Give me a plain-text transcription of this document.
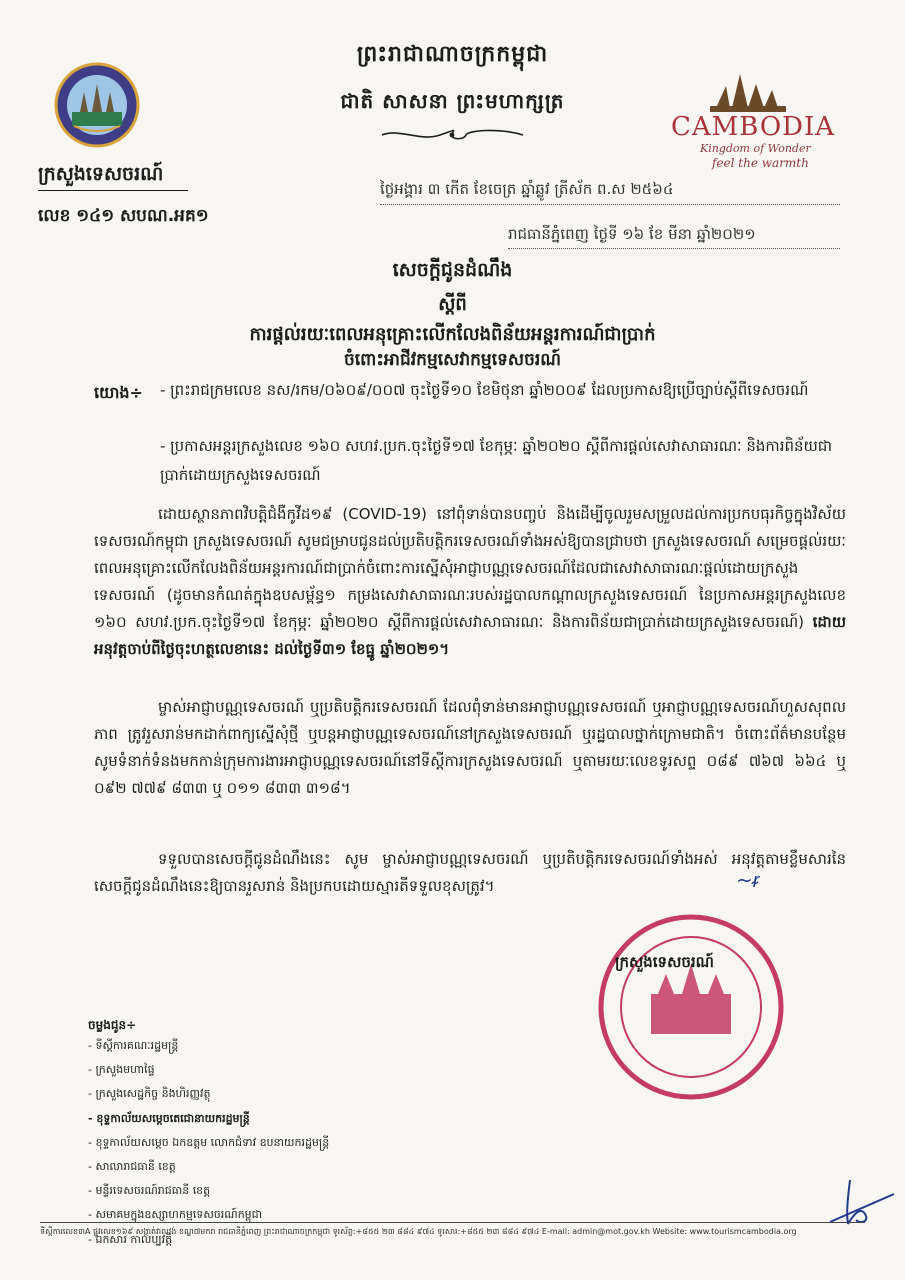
ព្រះរាជាណាចក្រកម្ពុជា
ជាតិ សាសនា ព្រះមហាក្សត្រ
ក្រសួងទេសចរណ៍
លេខ ១៤១ សបណ.អគ១
CAMBODIA
Kingdom of Wonder
feel the warmth
ថ្ងៃអង្គារ ៣ កើត ខែចេត្រ ឆ្នាំឆ្លូវ ត្រីស័ក ព.ស ២៥៦៤
រាជធានីភ្នំពេញ ថ្ងៃទី ១៦ ខែ មីនា ឆ្នាំ២០២១
សេចក្តីជូនដំណឹង
ស្តីពី
ការផ្តល់រយៈពេលអនុគ្រោះលើកលែងពិន័យអន្តរការណ៍ជាប្រាក់
ចំពោះអាជីវកម្មសេវាកម្មទេសចរណ៍
យោង÷ - ព្រះរាជក្រមលេខ នស/រកម/០៦០៩/០០៧ ចុះថ្ងៃទី១០ ខែមិថុនា ឆ្នាំ២០០៩ ដែលប្រកាសឱ្យប្រើច្បាប់ស្តីពីទេសចរណ៍
- ប្រកាសអន្តរក្រសួងលេខ ១៦០ សហវ.ប្រក.ចុះថ្ងៃទី១៧ ខែកុម្ភៈ ឆ្នាំ២០២០ ស្តីពីការផ្តល់សេវាសាធារណៈ និងការពិន័យជាប្រាក់ដោយក្រសួងទេសចរណ៍
ដោយស្ថានភាពវិបត្តិជំងឺកូវីដ១៩ (COVID-19) នៅពុំទាន់បានបញ្ចប់ និងដើម្បីចូលរួមសម្រួលដល់ការប្រកបធុរកិច្ចក្នុងវិស័យទេសចរណ៍កម្ពុជា ក្រសួងទេសចរណ៍ សូមជម្រាបជូនដល់ប្រតិបត្តិករទេសចរណ៍ទាំងអស់ឱ្យបានជ្រាបថា ក្រសួងទេសចរណ៍ សម្រេចផ្តល់រយៈពេលអនុគ្រោះលើកលែងពិន័យអន្តរការណ៍ជាប្រាក់ចំពោះការស្នើសុំអាជ្ញាបណ្ណទេសចរណ៍ដែលជាសេវាសាធារណៈផ្តល់ដោយក្រសួងទេសចរណ៍ (ដូចមានកំណត់ក្នុងឧបសម្ព័ន្ធ១ កម្រងសេវាសាធារណៈរបស់រដ្ឋបាលកណ្តាលក្រសួងទេសចរណ៍ នៃប្រកាសអន្តរក្រសួងលេខ ១៦០ សហវ.ប្រក.ចុះថ្ងៃទី១៧ ខែកុម្ភៈ ឆ្នាំ២០២០ ស្តីពីការផ្តល់សេវាសាធារណៈ និងការពិន័យជាប្រាក់ដោយក្រសួងទេសចរណ៍) ដោយអនុវត្តចាប់ពីថ្ងៃចុះហត្ថលេខានេះ ដល់ថ្ងៃទី៣១ ខែធ្នូ ឆ្នាំ២០២១។
ម្ចាស់អាជ្ញាបណ្ណទេសចរណ៍ ឬប្រតិបត្តិករទេសចរណ៍ ដែលពុំទាន់មានអាជ្ញាបណ្ណទេសចរណ៍ ឬអាជ្ញាបណ្ណទេសចរណ៍ហួសសុពលភាព ត្រូវរួសរាន់មកដាក់ពាក្យស្នើសុំថ្មី ឬបន្តអាជ្ញាបណ្ណទេសចរណ៍នៅក្រសួងទេសចរណ៍ ឬរដ្ឋបាលថ្នាក់ក្រោមជាតិ។ ចំពោះព័ត៌មានបន្ថែម សូមទំនាក់ទំនងមកកាន់ក្រុមការងារអាជ្ញាបណ្ណទេសចរណ៍នៅទីស្តីការក្រសួងទេសចរណ៍ ឬតាមរយៈលេខទូរសព្ទ ០៨៩ ៧៦៧ ៦៦៤ ឬ ០៩២ ៧៧៩ ៨៣៣ ឬ ០១១ ៨៣៣ ៣១៨។
ទទួលបានសេចក្តីជូនដំណឹងនេះ សូម ម្ចាស់អាជ្ញាបណ្ណទេសចរណ៍ ឬប្រតិបត្តិករទេសចរណ៍ទាំងអស់ អនុវត្តតាមខ្លឹមសារនៃសេចក្តីជូនដំណឹងនេះឱ្យបានរួសរាន់ និងប្រកបដោយស្មារតីទទួលខុសត្រូវ។	~ᵲ
ក្រសួងទេសចរណ៍
ចម្លងជូន÷
- ទីស្តីការគណៈរដ្ឋមន្ត្រី
- ក្រសួងមហាផ្ទៃ
- ក្រសួងសេដ្ឋកិច្ច និងហិរញ្ញវត្ថុ
- ខុទ្ទកាល័យសម្តេចតេជោនាយករដ្ឋមន្ត្រី
- ខុទ្ទកាល័យសម្តេច ឯកឧត្តម លោកជំទាវ ឧបនាយករដ្ឋមន្ត្រី
- សាលារាជធានី ខេត្ត
- មន្ទីរទេសចរណ៍រាជធានី ខេត្ត
- សមាគមក្នុងឧស្សាហកម្មទេសចរណ៍កម្ពុជា
- ឯកសារ កាលប្បវត្តិ
ទីស្តីការលេខ៣A ផ្លូវលេខ១៦៩ សង្កាត់វាលវង់ ខណ្ឌ៧មករា រាជធានីភ្នំពេញ ព្រះរាជាណាចក្រកម្ពុជា ទូរស័ព្ទ:+៨៥៥ ២៣ ៨៨៤ ៩៧៤ ទូរសារ:+៨៥៥ ២៣ ៨៨៤ ៩៧៤ E-mail: admin@mot.gov.kh Website: www.tourismcambodia.org
